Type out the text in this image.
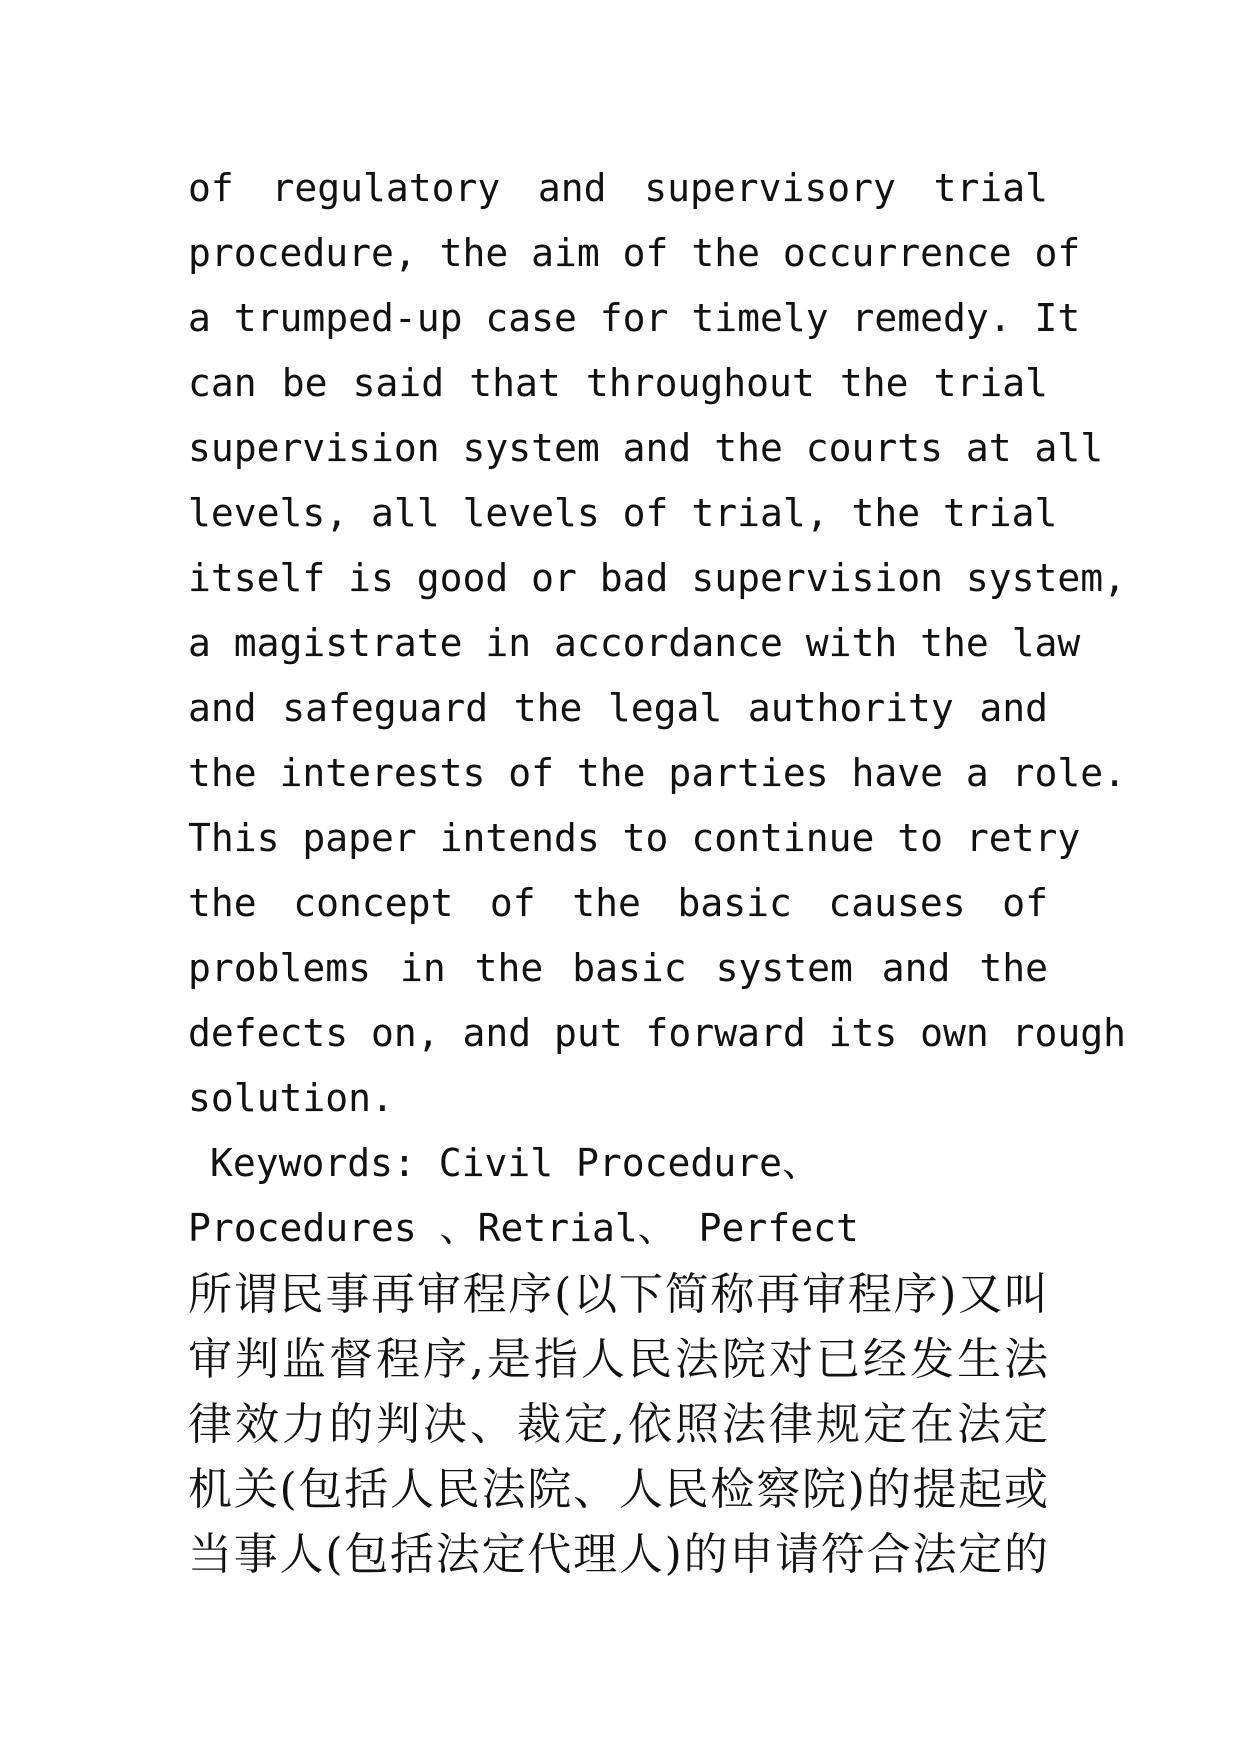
of regulatory and supervisory trial
procedure, the aim of the occurrence of
a trumped-up case for timely remedy. It
can be said that throughout the trial
supervision system and the courts at all
levels, all levels of trial, the trial
itself is good or bad supervision system,
a magistrate in accordance with the law
and safeguard the legal authority and
the interests of the parties have a role.
This paper intends to continue to retry
the concept of the basic causes of
problems in the basic system and the
defects on, and put forward its own rough
solution.
Keywords: Civil Procedure、
Procedures 、Retrial、 Perfect
所谓民事再审程序(以下简称再审程序)又叫
审判监督程序,是指人民法院对已经发生法
律效力的判决、裁定,依照法律规定在法定
机关(包括人民法院、人民检察院)的提起或
当事人(包括法定代理人)的申请符合法定的
